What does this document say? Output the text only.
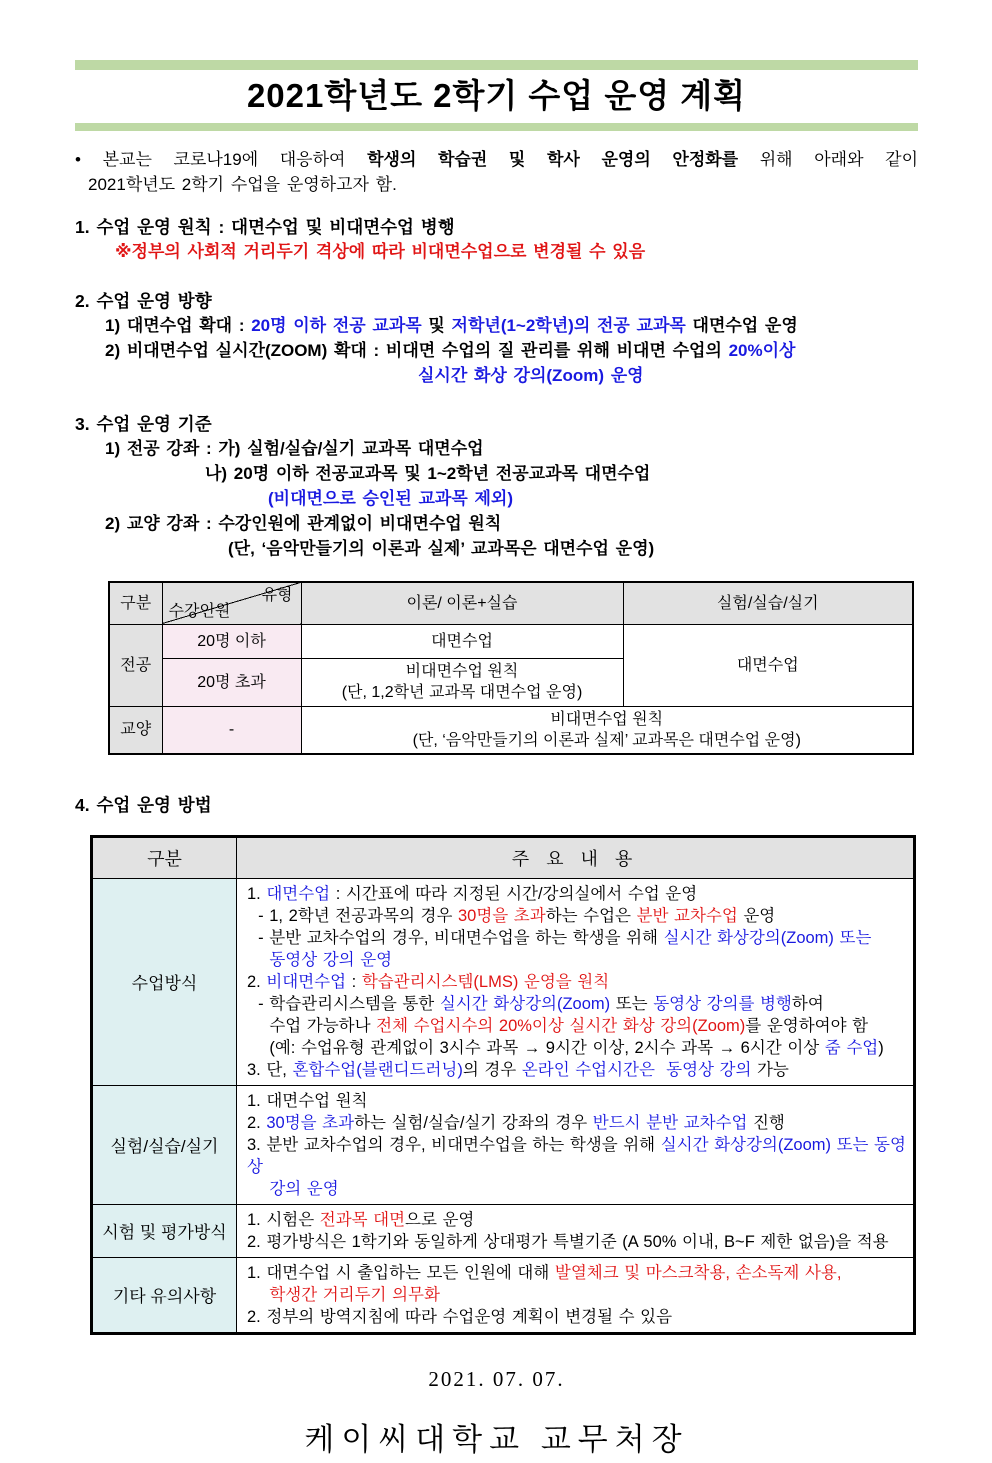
2021학년도 2학기 수업 운영 계획
• 본교는 코로나19에 대응하여 학생의 학습권 및 학사 운영의 안정화를 위해 아래와 같이
2021학년도 2학기 수업을 운영하고자 함.
1. 수업 운영 원칙 : 대면수업 및 비대면수업 병행
※정부의 사회적 거리두기 격상에 따라 비대면수업으로 변경될 수 있음
2. 수업 운영 방향
1) 대면수업 확대 : 20명 이하 전공 교과목 및 저학년(1~2학년)의 전공 교과목 대면수업 운영
2) 비대면수업 실시간(ZOOM) 확대 : 비대면 수업의 질 관리를 위해 비대면 수업의 20%이상
실시간 화상 강의(Zoom) 운영
3. 수업 운영 기준
1) 전공 강좌 : 가) 실험/실습/실기 교과목 대면수업
나) 20명 이하 전공교과목 및 1~2학년 전공교과목 대면수업
(비대면으로 승인된 교과목 제외)
2) 교양 강좌 : 수강인원에 관계없이 비대면수업 원칙
(단, ‘음악만들기의 이론과 실제’ 교과목은 대면수업 운영)
구분	유형
수강인원	이론/ 이론+실습	실험/실습/실기
전공	20명 이하	대면수업	대면수업
	20명 초과	비대면수업 원칙
(단, 1,2학년 교과목 대면수업 운영)	

교양	-	비대면수업 원칙
(단, ‘음악만들기의 이론과 실제’ 교과목은 대면수업 운영)	
4. 수업 운영 방법
구분	주 요 내 용
수업방식	
1. 대면수업 : 시간표에 따라 지정된 시간/강의실에서 수업 운영
- 1, 2학년 전공과목의 경우 30명을 초과하는 수업은 분반 교차수업 운영
- 분반 교차수업의 경우, 비대면수업을 하는 학생을 위해 실시간 화상강의(Zoom) 또는
동영상 강의 운영
2. 비대면수업 : 학습관리시스템(LMS) 운영을 원칙
- 학습관리시스템을 통한 실시간 화상강의(Zoom) 또는 동영상 강의를 병행하여
수업 가능하나 전체 수업시수의 20%이상 실시간 화상 강의(Zoom)를 운영하여야 함
(예: 수업유형 관계없이 3시수 과목 → 9시간 이상, 2시수 과목 → 6시간 이상 줌 수업)
3. 단, 혼합수업(블랜디드러닝)의 경우 온라인 수업시간은 동영상 강의 가능

실험/실습/실기	1. 대면수업 원칙
2. 30명을 초과하는 실험/실습/실기 강좌의 경우 반드시 분반 교차수업 진행
3. 분반 교차수업의 경우, 비대면수업을 하는 학생을 위해 실시간 화상강의(Zoom) 또는 동영상
강의 운영

시험 및 평가방식	1. 시험은 전과목 대면으로 운영
2. 평가방식은 1학기와 동일하게 상대평가 특별기준 (A 50% 이내, B~F 제한 없음)을 적용

기타 유의사항	1. 대면수업 시 출입하는 모든 인원에 대해 발열체크 및 마스크착용, 손소독제 사용,
학생간 거리두기 의무화
2. 정부의 방역지침에 따라 수업운영 계획이 변경될 수 있음
2021. 07. 07.
케이씨대학교 교무처장
